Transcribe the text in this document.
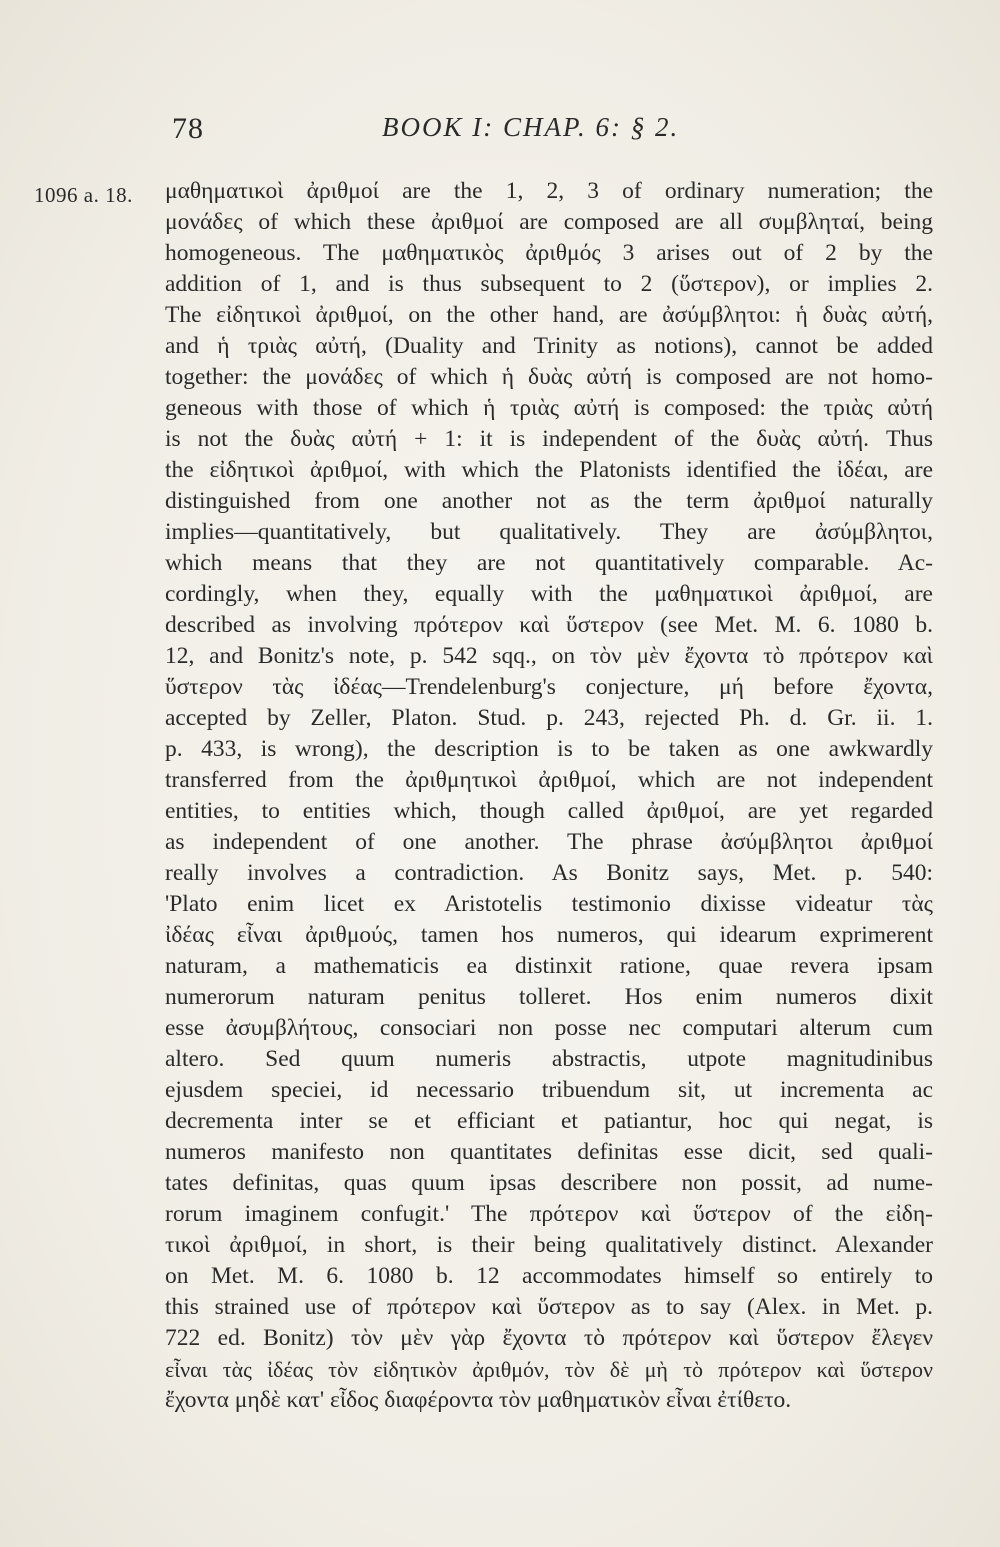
78	BOOK I: CHAP. 6: § 2.
1096 a. 18. μαθηματικοὶ ἀριθμοί are the 1, 2, 3 of ordinary numeration; the
μονάδες of which these ἀριθμοί are composed are all συμβληταί, being
homogeneous. The μαθηματικὸς ἀριθμός 3 arises out of 2 by the
addition of 1, and is thus subsequent to 2 (ὕστερον), or implies 2.
The εἰδητικοὶ ἀριθμοί, on the other hand, are ἀσύμβλητοι: ἡ δυὰς αὐτή,
and ἡ τριὰς αὐτή, (Duality and Trinity as notions), cannot be added
together: the μονάδες of which ἡ δυὰς αὐτή is composed are not homo-
geneous with those of which ἡ τριὰς αὐτή is composed: the τριὰς αὐτή
is not the δυὰς αὐτή + 1: it is independent of the δυὰς αὐτή. Thus
the εἰδητικοὶ ἀριθμοί, with which the Platonists identified the ἰδέαι, are
distinguished from one another not as the term ἀριθμοί naturally
implies—quantitatively, but qualitatively. They are ἀσύμβλητοι,
which means that they are not quantitatively comparable. Ac-
cordingly, when they, equally with the μαθηματικοὶ ἀριθμοί, are
described as involving πρότερον καὶ ὕστερον (see Met. M. 6. 1080 b.
12, and Bonitz's note, p. 542 sqq., on τὸν μὲν ἔχοντα τὸ πρότερον καὶ
ὕστερον τὰς ἰδέας—Trendelenburg's conjecture, μή before ἔχοντα,
accepted by Zeller, Platon. Stud. p. 243, rejected Ph. d. Gr. ii. 1.
p. 433, is wrong), the description is to be taken as one awkwardly
transferred from the ἀριθμητικοὶ ἀριθμοί, which are not independent
entities, to entities which, though called ἀριθμοί, are yet regarded
as independent of one another. The phrase ἀσύμβλητοι ἀριθμοί
really involves a contradiction. As Bonitz says, Met. p. 540:
'Plato enim licet ex Aristotelis testimonio dixisse videatur τὰς
ἰδέας εἶναι ἀριθμούς, tamen hos numeros, qui idearum exprimerent
naturam, a mathematicis ea distinxit ratione, quae revera ipsam
numerorum naturam penitus tolleret. Hos enim numeros dixit
esse ἀσυμβλήτους, consociari non posse nec computari alterum cum
altero. Sed quum numeris abstractis, utpote magnitudinibus
ejusdem speciei, id necessario tribuendum sit, ut incrementa ac
decrementa inter se et efficiant et patiantur, hoc qui negat, is
numeros manifesto non quantitates definitas esse dicit, sed quali-
tates definitas, quas quum ipsas describere non possit, ad nume-
rorum imaginem confugit.' The πρότερον καὶ ὕστερον of the εἰδη-
τικοὶ ἀριθμοί, in short, is their being qualitatively distinct. Alexander
on Met. M. 6. 1080 b. 12 accommodates himself so entirely to
this strained use of πρότερον καὶ ὕστερον as to say (Alex. in Met. p.
722 ed. Bonitz) τὸν μὲν γὰρ ἔχοντα τὸ πρότερον καὶ ὕστερον ἔλεγεν
εἶναι τὰς ἰδέας τὸν εἰδητικὸν ἀριθμόν, τὸν δὲ μὴ τὸ πρότερον καὶ ὕστερον
ἔχοντα μηδὲ κατ' εἶδος διαφέροντα τὸν μαθηματικὸν εἶναι ἐτίθετο.
